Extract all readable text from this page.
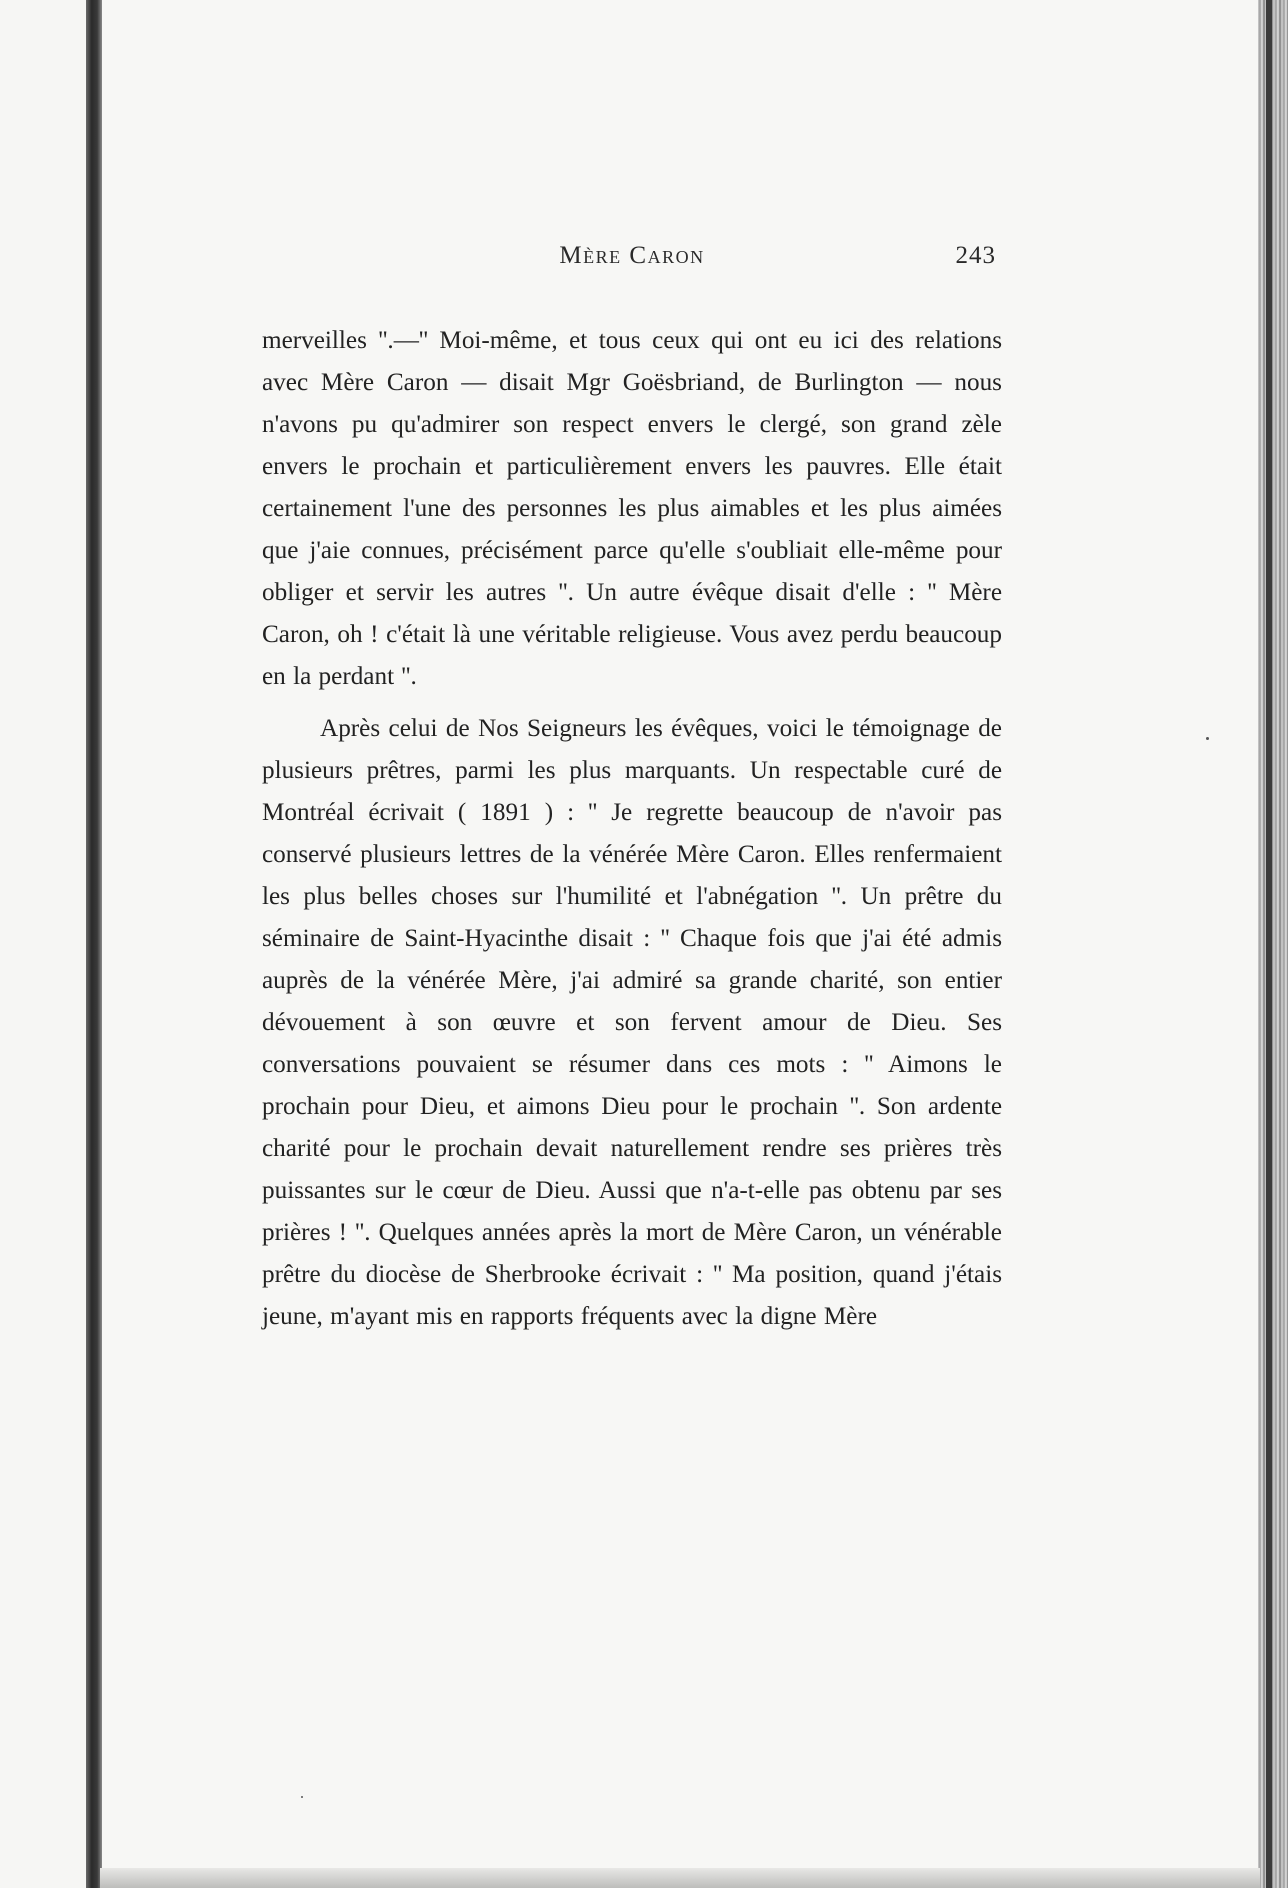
Mère Caron	243

merveilles ''.—'' Moi-même, et tous ceux qui ont eu ici des relations avec Mère Caron — disait Mgr Goësbriand, de Burlington — nous n'avons pu qu'admirer son respect envers le clergé, son grand zèle envers le prochain et particulièrement envers les pauvres. Elle était certainement l'une des personnes les plus aimables et les plus aimées que j'aie connues, précisément parce qu'elle s'oubliait elle-même pour obliger et servir les autres ''. Un autre évêque disait d'elle : '' Mère Caron, oh ! c'était là une véritable religieuse. Vous avez perdu beaucoup en la perdant ''.

Après celui de Nos Seigneurs les évêques, voici le témoignage de plusieurs prêtres, parmi les plus marquants. Un respectable curé de Montréal écrivait ( 1891 ) : '' Je regrette beaucoup de n'avoir pas conservé plusieurs lettres de la vénérée Mère Caron. Elles renfermaient les plus belles choses sur l'humilité et l'abnégation ''. Un prêtre du séminaire de Saint-Hyacinthe disait : '' Chaque fois que j'ai été admis auprès de la vénérée Mère, j'ai admiré sa grande charité, son entier dévouement à son œuvre et son fervent amour de Dieu. Ses conversations pouvaient se résumer dans ces mots : '' Aimons le prochain pour Dieu, et aimons Dieu pour le prochain ''. Son ardente charité pour le prochain devait naturellement rendre ses prières très puissantes sur le cœur de Dieu. Aussi que n'a-t-elle pas obtenu par ses prières ! ''. Quelques années après la mort de Mère Caron, un vénérable prêtre du diocèse de Sherbrooke écrivait : '' Ma position, quand j'étais jeune, m'ayant mis en rapports fréquents avec la digne Mère
